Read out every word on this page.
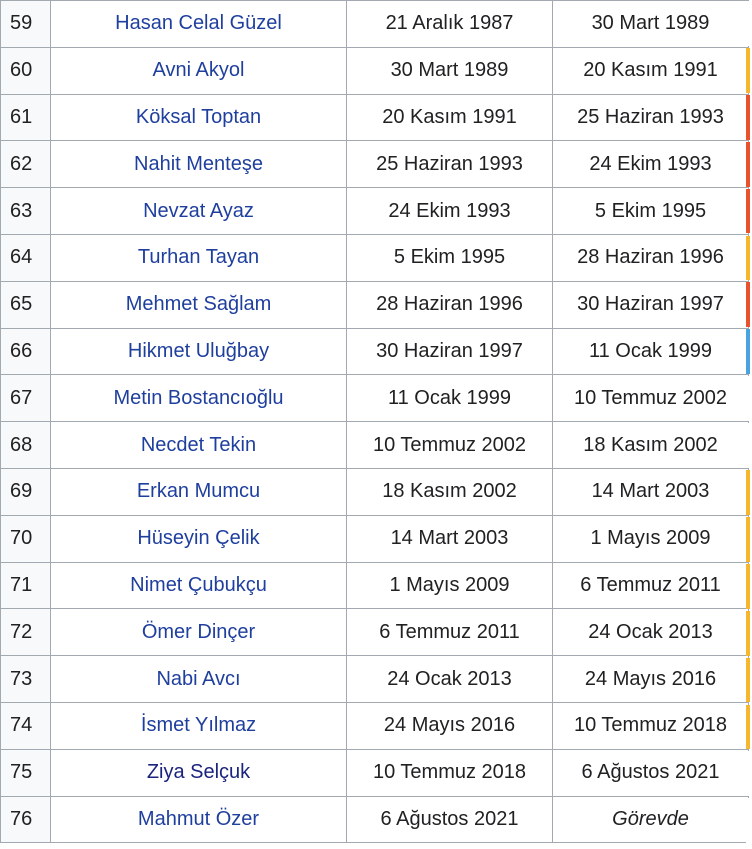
59	Hasan Celal Güzel	21 Aralık 1987	30 Mart 1989
60	Avni Akyol	30 Mart 1989	20 Kasım 1991
61	Köksal Toptan	20 Kasım 1991	25 Haziran 1993
62	Nahit Menteşe	25 Haziran 1993	24 Ekim 1993
63	Nevzat Ayaz	24 Ekim 1993	5 Ekim 1995
64	Turhan Tayan	5 Ekim 1995	28 Haziran 1996
65	Mehmet Sağlam	28 Haziran 1996	30 Haziran 1997
66	Hikmet Uluğbay	30 Haziran 1997	11 Ocak 1999
67	Metin Bostancıoğlu	11 Ocak 1999	10 Temmuz 2002
68	Necdet Tekin	10 Temmuz 2002	18 Kasım 2002
69	Erkan Mumcu	18 Kasım 2002	14 Mart 2003
70	Hüseyin Çelik	14 Mart 2003	1 Mayıs 2009
71	Nimet Çubukçu	1 Mayıs 2009	6 Temmuz 2011
72	Ömer Dinçer	6 Temmuz 2011	24 Ocak 2013
73	Nabi Avcı	24 Ocak 2013	24 Mayıs 2016
74	İsmet Yılmaz	24 Mayıs 2016	10 Temmuz 2018
75	Ziya Selçuk	10 Temmuz 2018	6 Ağustos 2021
76	Mahmut Özer	6 Ağustos 2021	Görevde
